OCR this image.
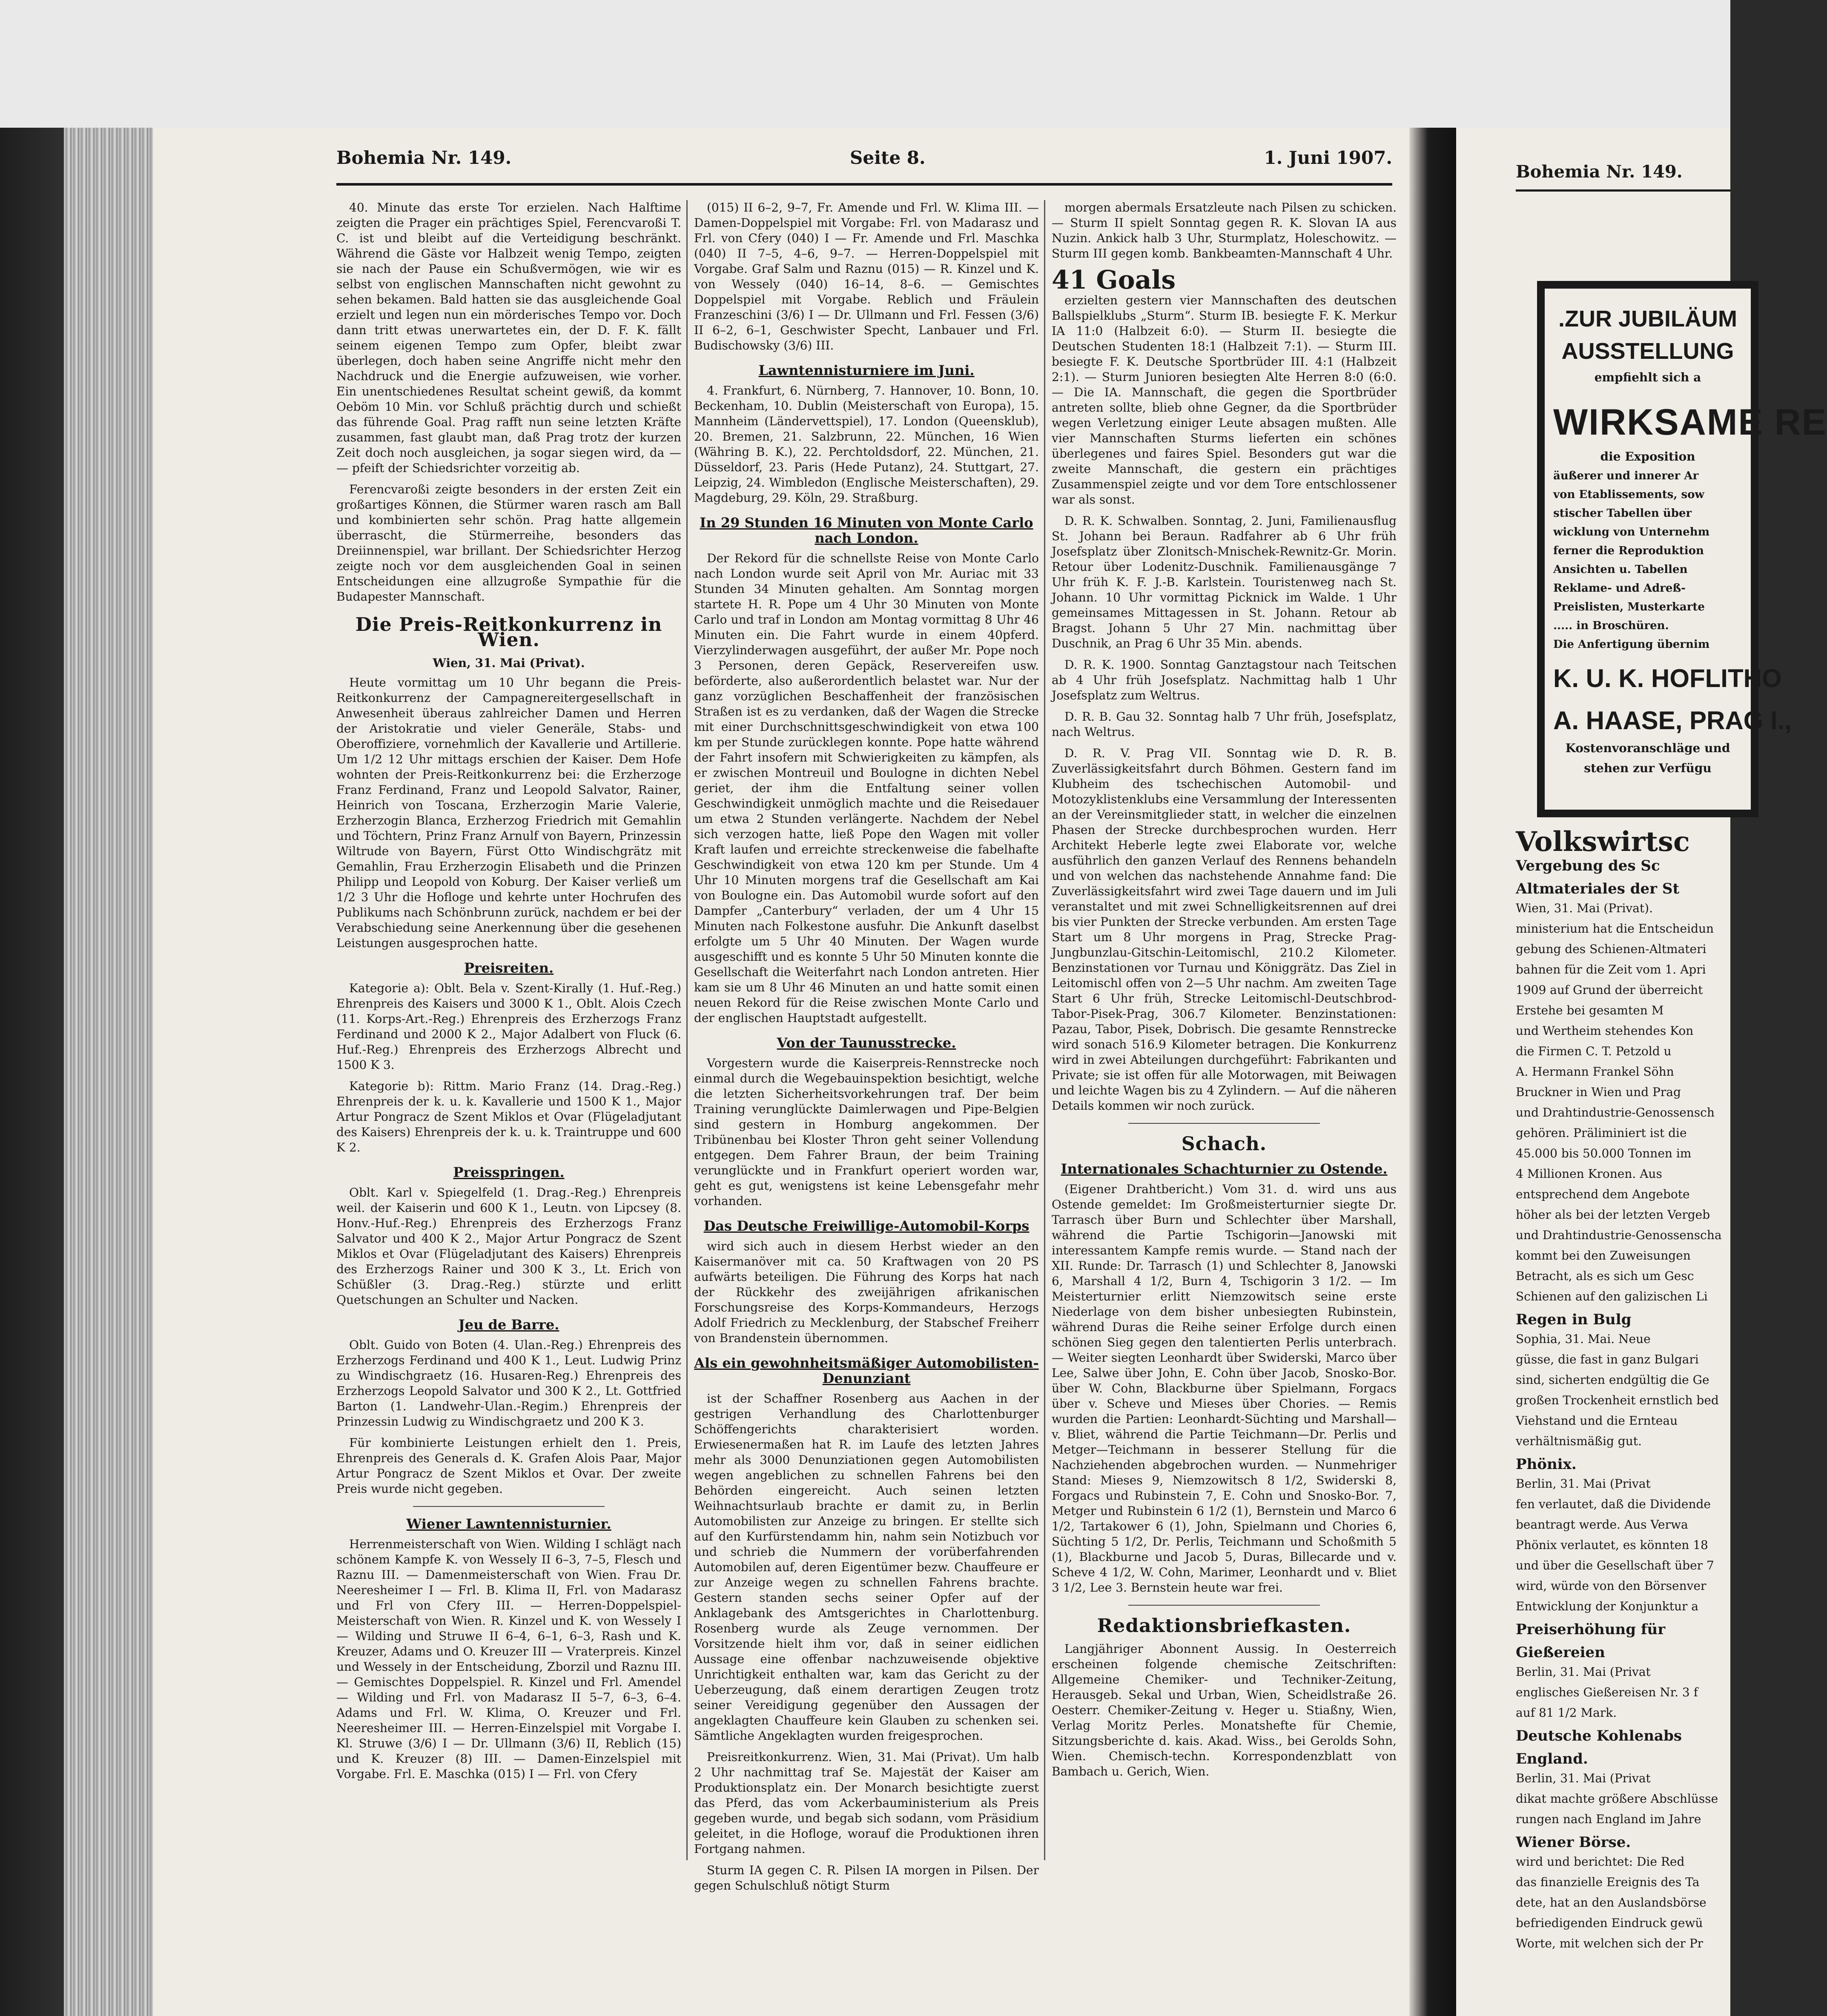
Bohemia Nr. 149.	Seite 8.	1. Juni 1907.

40. Minute das erste Tor erzielen. Nach Halftime zeigten die Prager ein prächtiges Spiel, Ferencvaroßi T. C. ist und bleibt auf die Verteidigung beschränkt. Während die Gäste vor Halbzeit wenig Tempo, zeigten sie nach der Pause ein Schußvermögen, wie wir es selbst von englischen Mannschaften nicht gewohnt zu sehen bekamen. Bald hatten sie das ausgleichende Goal erzielt und legen nun ein mörderisches Tempo vor. Doch dann tritt etwas unerwartetes ein, der D. F. K. fällt seinem eigenen Tempo zum Opfer, bleibt zwar überlegen, doch haben seine Angriffe nicht mehr den Nachdruck und die Energie aufzuweisen, wie vorher. Ein unentschiedenes Resultat scheint gewiß, da kommt Oeböm 10 Min. vor Schluß prächtig durch und schießt das führende Goal. Prag rafft nun seine letzten Kräfte zusammen, fast glaubt man, daß Prag trotz der kurzen Zeit doch noch ausgleichen, ja sogar siegen wird, da — — pfeift der Schiedsrichter vorzeitig ab.

Ferencvaroßi zeigte besonders in der ersten Zeit ein großartiges Können, die Stürmer waren rasch am Ball und kombinierten sehr schön. Prag hatte allgemein überrascht, die Stürmerreihe, besonders das Dreiinnenspiel, war brillant. Der Schiedsrichter Herzog zeigte noch vor dem ausgleichenden Goal in seinen Entscheidungen eine allzugroße Sympathie für die Budapester Mannschaft.

Die Preis-Reitkonkurrenz in Wien.
Wien, 31. Mai (Privat).

Heute vormittag um 10 Uhr begann die Preis-Reitkonkurrenz der Campagnereitergesellschaft in Anwesenheit überaus zahlreicher Damen und Herren der Aristokratie und vieler Generäle, Stabs- und Oberoffiziere, vornehmlich der Kavallerie und Artillerie. Um 1/2 12 Uhr mittags erschien der Kaiser. Dem Hofe wohnten der Preis-Reitkonkurrenz bei: die Erzherzoge Franz Ferdinand, Franz und Leopold Salvator, Rainer, Heinrich von Toscana, Erzherzogin Marie Valerie, Erzherzogin Blanca, Erzherzog Friedrich mit Gemahlin und Töchtern, Prinz Franz Arnulf von Bayern, Prinzessin Wiltrude von Bayern, Fürst Otto Windischgrätz mit Gemahlin, Frau Erzherzogin Elisabeth und die Prinzen Philipp und Leopold von Koburg. Der Kaiser verließ um 1/2 3 Uhr die Hofloge und kehrte unter Hochrufen des Publikums nach Schönbrunn zurück, nachdem er bei der Verabschiedung seine Anerkennung über die gesehenen Leistungen ausgesprochen hatte.

Preisreiten.

Kategorie a): Oblt. Bela v. Szent-Kirally (1. Huf.-Reg.) Ehrenpreis des Kaisers und 3000 K 1., Oblt. Alois Czech (11. Korps-Art.-Reg.) Ehrenpreis des Erzherzogs Franz Ferdinand und 2000 K 2., Major Adalbert von Fluck (6. Huf.-Reg.) Ehrenpreis des Erzherzogs Albrecht und 1500 K 3.

Kategorie b): Rittm. Mario Franz (14. Drag.-Reg.) Ehrenpreis der k. u. k. Kavallerie und 1500 K 1., Major Artur Pongracz de Szent Miklos et Ovar (Flügeladjutant des Kaisers) Ehrenpreis der k. u. k. Traintruppe und 600 K 2.

Preisspringen.

Oblt. Karl v. Spiegelfeld (1. Drag.-Reg.) Ehrenpreis weil. der Kaiserin und 600 K 1., Leutn. von Lipcsey (8. Honv.-Huf.-Reg.) Ehrenpreis des Erzherzogs Franz Salvator und 400 K 2., Major Artur Pongracz de Szent Miklos et Ovar (Flügeladjutant des Kaisers) Ehrenpreis des Erzherzogs Rainer und 300 K 3., Lt. Erich von Schüßler (3. Drag.-Reg.) stürzte und erlitt Quetschungen an Schulter und Nacken.

Jeu de Barre.

Oblt. Guido von Boten (4. Ulan.-Reg.) Ehrenpreis des Erzherzogs Ferdinand und 400 K 1., Leut. Ludwig Prinz zu Windischgraetz (16. Husaren-Reg.) Ehrenpreis des Erzherzogs Leopold Salvator und 300 K 2., Lt. Gottfried Barton (1. Landwehr-Ulan.-Regim.) Ehrenpreis der Prinzessin Ludwig zu Windischgraetz und 200 K 3.

Für kombinierte Leistungen erhielt den 1. Preis, Ehrenpreis des Generals d. K. Grafen Alois Paar, Major Artur Pongracz de Szent Miklos et Ovar. Der zweite Preis wurde nicht gegeben.

Wiener Lawntennisturnier.

Herrenmeisterschaft von Wien. Wilding I schlägt nach schönem Kampfe K. von Wessely II 6–3, 7–5, Flesch und Raznu III. — Damenmeisterschaft von Wien. Frau Dr. Neeresheimer I — Frl. B. Klima II, Frl. von Madarasz und Frl von Cfery III. — Herren-Doppelspiel-Meisterschaft von Wien. R. Kinzel und K. von Wessely I — Wilding und Struwe II 6–4, 6–1, 6–3, Rash und K. Kreuzer, Adams und O. Kreuzer III — Vraterpreis. Kinzel und Wessely in der Entscheidung, Zborzil und Raznu III. — Gemischtes Doppelspiel. R. Kinzel und Frl. Amendel — Wilding und Frl. von Madarasz II 5–7, 6–3, 6–4. Adams und Frl. W. Klima, O. Kreuzer und Frl. Neeresheimer III. — Herren-Einzelspiel mit Vorgabe I. Kl. Struwe (3/6) I — Dr. Ullmann (3/6) II, Reblich (15) und K. Kreuzer (8) III. — Damen-Einzelspiel mit Vorgabe. Frl. E. Maschka (015) I — Frl. von Cfery

(015) II 6–2, 9–7, Fr. Amende und Frl. W. Klima III. — Damen-Doppelspiel mit Vorgabe: Frl. von Madarasz und Frl. von Cfery (040) I — Fr. Amende und Frl. Maschka (040) II 7–5, 4–6, 9–7. — Herren-Doppelspiel mit Vorgabe. Graf Salm und Raznu (015) — R. Kinzel und K. von Wessely (040) 16–14, 8–6. — Gemischtes Doppelspiel mit Vorgabe. Reblich und Fräulein Franzeschini (3/6) I — Dr. Ullmann und Frl. Fessen (3/6) II 6–2, 6–1, Geschwister Specht, Lanbauer und Frl. Budischowsky (3/6) III.

Lawntennisturniere im Juni.

4. Frankfurt, 6. Nürnberg, 7. Hannover, 10. Bonn, 10. Beckenham, 10. Dublin (Meisterschaft von Europa), 15. Mannheim (Ländervettspiel), 17. London (Queensklub), 20. Bremen, 21. Salzbrunn, 22. München, 16 Wien (Währing B. K.), 22. Perchtoldsdorf, 22. München, 21. Düsseldorf, 23. Paris (Hede Putanz), 24. Stuttgart, 27. Leipzig, 24. Wimbledon (Englische Meisterschaften), 29. Magdeburg, 29. Köln, 29. Straßburg.

In 29 Stunden 16 Minuten von Monte Carlo nach London.

Der Rekord für die schnellste Reise von Monte Carlo nach London wurde seit April von Mr. Auriac mit 33 Stunden 34 Minuten gehalten. Am Sonntag morgen startete H. R. Pope um 4 Uhr 30 Minuten von Monte Carlo und traf in London am Montag vormittag 8 Uhr 46 Minuten ein. Die Fahrt wurde in einem 40pferd. Vierzylinderwagen ausgeführt, der außer Mr. Pope noch 3 Personen, deren Gepäck, Reservereifen usw. beförderte, also außerordentlich belastet war. Nur der ganz vorzüglichen Beschaffenheit der französischen Straßen ist es zu verdanken, daß der Wagen die Strecke mit einer Durchschnittsgeschwindigkeit von etwa 100 km per Stunde zurücklegen konnte. Pope hatte während der Fahrt insofern mit Schwierigkeiten zu kämpfen, als er zwischen Montreuil und Boulogne in dichten Nebel geriet, der ihm die Entfaltung seiner vollen Geschwindigkeit unmöglich machte und die Reisedauer um etwa 2 Stunden verlängerte. Nachdem der Nebel sich verzogen hatte, ließ Pope den Wagen mit voller Kraft laufen und erreichte streckenweise die fabelhafte Geschwindigkeit von etwa 120 km per Stunde. Um 4 Uhr 10 Minuten morgens traf die Gesellschaft am Kai von Boulogne ein. Das Automobil wurde sofort auf den Dampfer „Canterbury“ verladen, der um 4 Uhr 15 Minuten nach Folkestone ausfuhr. Die Ankunft daselbst erfolgte um 5 Uhr 40 Minuten. Der Wagen wurde ausgeschifft und es konnte 5 Uhr 50 Minuten konnte die Gesellschaft die Weiterfahrt nach London antreten. Hier kam sie um 8 Uhr 46 Minuten an und hatte somit einen neuen Rekord für die Reise zwischen Monte Carlo und der englischen Hauptstadt aufgestellt.

Von der Taunusstrecke.

Vorgestern wurde die Kaiserpreis-Rennstrecke noch einmal durch die Wegebauinspektion besichtigt, welche die letzten Sicherheitsvorkehrungen traf. Der beim Training verunglückte Daimlerwagen und Pipe-Belgien sind gestern in Homburg angekommen. Der Tribünenbau bei Kloster Thron geht seiner Vollendung entgegen. Dem Fahrer Braun, der beim Training verunglückte und in Frankfurt operiert worden war, geht es gut, wenigstens ist keine Lebensgefahr mehr vorhanden.

Das Deutsche Freiwillige-Automobil-Korps

wird sich auch in diesem Herbst wieder an den Kaisermanöver mit ca. 50 Kraftwagen von 20 PS aufwärts beteiligen. Die Führung des Korps hat nach der Rückkehr des zweijährigen afrikanischen Forschungsreise des Korps-Kommandeurs, Herzogs Adolf Friedrich zu Mecklenburg, der Stabschef Freiherr von Brandenstein übernommen.

Als ein gewohnheitsmäßiger Automobilisten-Denunziant

ist der Schaffner Rosenberg aus Aachen in der gestrigen Verhandlung des Charlottenburger Schöffengerichts charakterisiert worden. Erwiesenermaßen hat R. im Laufe des letzten Jahres mehr als 3000 Denunziationen gegen Automobilisten wegen angeblichen zu schnellen Fahrens bei den Behörden eingereicht. Auch seinen letzten Weihnachtsurlaub brachte er damit zu, in Berlin Automobilisten zur Anzeige zu bringen. Er stellte sich auf den Kurfürstendamm hin, nahm sein Notizbuch vor und schrieb die Nummern der vorüberfahrenden Automobilen auf, deren Eigentümer bezw. Chauffeure er zur Anzeige wegen zu schnellen Fahrens brachte. Gestern standen sechs seiner Opfer auf der Anklagebank des Amtsgerichtes in Charlottenburg. Rosenberg wurde als Zeuge vernommen. Der Vorsitzende hielt ihm vor, daß in seiner eidlichen Aussage eine offenbar nachzuweisende objektive Unrichtigkeit enthalten war, kam das Gericht zu der Ueberzeugung, daß einem derartigen Zeugen trotz seiner Vereidigung gegenüber den Aussagen der angeklagten Chauffeure kein Glauben zu schenken sei. Sämtliche Angeklagten wurden freigesprochen.

Preisreitkonkurrenz. Wien, 31. Mai (Privat). Um halb 2 Uhr nachmittag traf Se. Majestät der Kaiser am Produktionsplatz ein. Der Monarch besichtigte zuerst das Pferd, das vom Ackerbauministerium als Preis gegeben wurde, und begab sich sodann, vom Präsidium geleitet, in die Hofloge, worauf die Produktionen ihren Fortgang nahmen.

Sturm IA gegen C. R. Pilsen IA morgen in Pilsen. Der gegen Schulschluß nötigt Sturm

morgen abermals Ersatzleute nach Pilsen zu schicken. — Sturm II spielt Sonntag gegen R. K. Slovan IA aus Nuzin. Ankick halb 3 Uhr, Sturmplatz, Holeschowitz. — Sturm III gegen komb. Bankbeamten-Mannschaft 4 Uhr.

41 Goals

erzielten gestern vier Mannschaften des deutschen Ballspielklubs „Sturm“. Sturm IB. besiegte F. K. Merkur IA 11:0 (Halbzeit 6:0). — Sturm II. besiegte die Deutschen Studenten 18:1 (Halbzeit 7:1). — Sturm III. besiegte F. K. Deutsche Sportbrüder III. 4:1 (Halbzeit 2:1). — Sturm Junioren besiegten Alte Herren 8:0 (6:0. — Die IA. Mannschaft, die gegen die Sportbrüder antreten sollte, blieb ohne Gegner, da die Sportbrüder wegen Verletzung einiger Leute absagen mußten. Alle vier Mannschaften Sturms lieferten ein schönes überlegenes und faires Spiel. Besonders gut war die zweite Mannschaft, die gestern ein prächtiges Zusammenspiel zeigte und vor dem Tore entschlossener war als sonst.

D. R. K. Schwalben. Sonntag, 2. Juni, Familienausflug St. Johann bei Beraun. Radfahrer ab 6 Uhr früh Josefsplatz über Zlonitsch-Mnischek-Rewnitz-Gr. Morin. Retour über Lodenitz-Duschnik. Familienausgänge 7 Uhr früh K. F. J.-B. Karlstein. Touristenweg nach St. Johann. 10 Uhr vormittag Picknick im Walde. 1 Uhr gemeinsames Mittagessen in St. Johann. Retour ab Bragst. Johann 5 Uhr 27 Min. nachmittag über Duschnik, an Prag 6 Uhr 35 Min. abends.

D. R. K. 1900. Sonntag Ganztagstour nach Teitschen ab 4 Uhr früh Josefsplatz. Nachmittag halb 1 Uhr Josefsplatz zum Weltrus.

D. R. B. Gau 32. Sonntag halb 7 Uhr früh, Josefsplatz, nach Weltrus.

D. R. V. Prag VII. Sonntag wie D. R. B. Zuverlässigkeitsfahrt durch Böhmen. Gestern fand im Klubheim des tschechischen Automobil- und Motozyklistenklubs eine Versammlung der Interessenten an der Vereinsmitglieder statt, in welcher die einzelnen Phasen der Strecke durchbesprochen wurden. Herr Architekt Heberle legte zwei Elaborate vor, welche ausführlich den ganzen Verlauf des Rennens behandeln und von welchen das nachstehende Annahme fand: Die Zuverlässigkeitsfahrt wird zwei Tage dauern und im Juli veranstaltet und mit zwei Schnelligkeitsrennen auf drei bis vier Punkten der Strecke verbunden. Am ersten Tage Start um 8 Uhr morgens in Prag, Strecke Prag-Jungbunzlau-Gitschin-Leitomischl, 210.2 Kilometer. Benzinstationen vor Turnau und Königgrätz. Das Ziel in Leitomischl offen von 2—5 Uhr nachm. Am zweiten Tage Start 6 Uhr früh, Strecke Leitomischl-Deutschbrod-Tabor-Pisek-Prag, 306.7 Kilometer. Benzinstationen: Pazau, Tabor, Pisek, Dobrisch. Die gesamte Rennstrecke wird sonach 516.9 Kilometer betragen. Die Konkurrenz wird in zwei Abteilungen durchgeführt: Fabrikanten und Private; sie ist offen für alle Motorwagen, mit Beiwagen und leichte Wagen bis zu 4 Zylindern. — Auf die näheren Details kommen wir noch zurück.

Schach.
Internationales Schachturnier zu Ostende.

(Eigener Drahtbericht.) Vom 31. d. wird uns aus Ostende gemeldet: Im Großmeisterturnier siegte Dr. Tarrasch über Burn und Schlechter über Marshall, während die Partie Tschigorin—Janowski mit interessantem Kampfe remis wurde. — Stand nach der XII. Runde: Dr. Tarrasch (1) und Schlechter 8, Janowski 6, Marshall 4 1/2, Burn 4, Tschigorin 3 1/2. — Im Meisterturnier erlitt Niemzowitsch seine erste Niederlage von dem bisher unbesiegten Rubinstein, während Duras die Reihe seiner Erfolge durch einen schönen Sieg gegen den talentierten Perlis unterbrach. — Weiter siegten Leonhardt über Swiderski, Marco über Lee, Salwe über John, E. Cohn über Jacob, Snosko-Bor. über W. Cohn, Blackburne über Spielmann, Forgacs über v. Scheve und Mieses über Chories. — Remis wurden die Partien: Leonhardt-Süchting und Marshall—v. Bliet, während die Partie Teichmann—Dr. Perlis und Metger—Teichmann in besserer Stellung für die Nachziehenden abgebrochen wurden. — Nunmehriger Stand: Mieses 9, Niemzowitsch 8 1/2, Swiderski 8, Forgacs und Rubinstein 7, E. Cohn und Snosko-Bor. 7, Metger und Rubinstein 6 1/2 (1), Bernstein und Marco 6 1/2, Tartakower 6 (1), John, Spielmann und Chories 6, Süchting 5 1/2, Dr. Perlis, Teichmann und Schoßmith 5 (1), Blackburne und Jacob 5, Duras, Billecarde und v. Scheve 4 1/2, W. Cohn, Marimer, Leonhardt und v. Bliet 3 1/2, Lee 3. Bernstein heute war frei.

Redaktionsbriefkasten.

Langjähriger Abonnent Aussig. In Oesterreich erscheinen folgende chemische Zeitschriften: Allgemeine Chemiker- und Techniker-Zeitung, Herausgeb. Sekal und Urban, Wien, Scheidlstraße 26. Oesterr. Chemiker-Zeitung v. Heger u. Stiaßny, Wien, Verlag Moritz Perles. Monatshefte für Chemie, Sitzungsberichte d. kais. Akad. Wiss., bei Gerolds Sohn, Wien. Chemisch-techn. Korrespondenzblatt von Bambach u. Gerich, Wien.

Bohemia Nr. 149.
.ZUR JUBILÄUM
AUSSTELLUNG
empfiehlt sich a
WIRKSAME RE
die Exposition
äußerer und innerer Ar
von Etablissements, sow
stischer Tabellen über
wicklung von Unternehm
ferner die Reproduktion
Ansichten u. Tabellen
Reklame- und Adreß-
Preislisten, Musterkarte
..... in Broschüren.
Die Anfertigung übernim
K. U. K. HOFLITHO
A. HAASE, PRAG I.,
Kostenvoranschläge und
stehen zur Verfügu
Volkswirtsc
Vergebung des Sc
Altmateriales der St

Wien, 31. Mai (Privat).

ministerium hat die Entscheidun

gebung des Schienen-Altmateri

bahnen für die Zeit vom 1. Apri

1909 auf Grund der überreicht

Erstehe bei gesamten M

und Wertheim stehendes Kon

die Firmen C. T. Petzold u

A. Hermann Frankel Söhn

Bruckner in Wien und Prag

und Drahtindustrie-Genossensch

gehören. Präliminiert ist die

45.000 bis 50.000 Tonnen im

4 Millionen Kronen. Aus

entsprechend dem Angebote

höher als bei der letzten Vergeb

und Drahtindustrie-Genossenscha

kommt bei den Zuweisungen

Betracht, als es sich um Gesc

Schienen auf den galizischen Li

Regen in Bulg

Sophia, 31. Mai. Neue

güsse, die fast in ganz Bulgari

sind, sicherten endgültig die Ge

großen Trockenheit ernstlich bed

Viehstand und die Ernteau

verhältnismäßig gut.

Phönix.

Berlin, 31. Mai (Privat

fen verlautet, daß die Dividende

beantragt werde. Aus Verwa

Phönix verlautet, es könnten 18

und über die Gesellschaft über 7

wird, würde von den Börsenver

Entwicklung der Konjunktur a

Preiserhöhung für
Gießereien

Berlin, 31. Mai (Privat

englisches Gießereisen Nr. 3 f

auf 81 1/2 Mark.

Deutsche Kohlenabs
England.

Berlin, 31. Mai (Privat

dikat machte größere Abschlüsse

rungen nach England im Jahre

Wiener Börse.

wird und berichtet: Die Red

das finanzielle Ereignis des Ta

dete, hat an den Auslandsbörse

befriedigenden Eindruck gewü

Worte, mit welchen sich der Pr
